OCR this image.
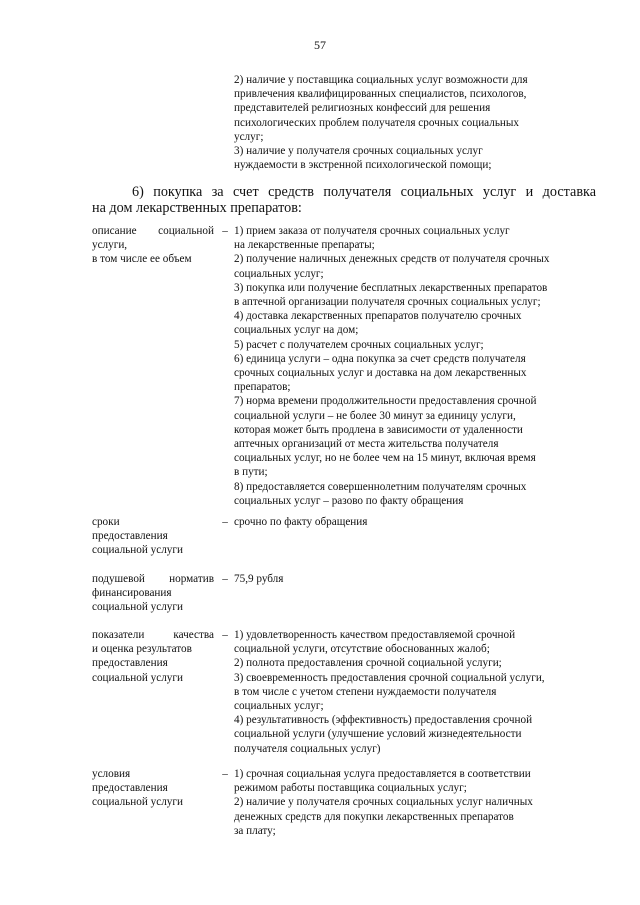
57

2) наличие у поставщика социальных услуг возможности для

привлечения квалифицированных специалистов, психологов,

представителей религиозных конфессий для решения

психологических проблем получателя срочных социальных

услуг;

3) наличие у получателя срочных социальных услуг

нуждаемости в экстренной психологической помощи;

6) покупка за счет средств получателя социальных услуг и доставка

на дом лекарственных препаратов:

описание социальной

услуги,

в том числе ее объем

– 1) прием заказа от получателя срочных социальных услуг

на лекарственные препараты;

2) получение наличных денежных средств от получателя срочных

социальных услуг;

3) покупка или получение бесплатных лекарственных препаратов

в аптечной организации получателя срочных социальных услуг;

4) доставка лекарственных препаратов получателю срочных

социальных услуг на дом;

5) расчет с получателем срочных социальных услуг;

6) единица услуги – одна покупка за счет средств получателя

срочных социальных услуг и доставка на дом лекарственных

препаратов;

7) норма времени продолжительности предоставления срочной

социальной услуги – не более 30 минут за единицу услуги,

которая может быть продлена в зависимости от удаленности

аптечных организаций от места жительства получателя

социальных услуг, но не более чем на 15 минут, включая время

в пути;

8) предоставляется совершеннолетним получателям срочных

социальных услуг – разово по факту обращения

сроки

предоставления

социальной услуги

– срочно по факту обращения

подушевой норматив

финансирования

социальной услуги

– 75,9 рубля

показатели качества

и оценка результатов

предоставления

социальной услуги

– 1) удовлетворенность качеством предоставляемой срочной

социальной услуги, отсутствие обоснованных жалоб;

2) полнота предоставления срочной социальной услуги;

3) своевременность предоставления срочной социальной услуги,

в том числе с учетом степени нуждаемости получателя

социальных услуг;

4) результативность (эффективность) предоставления срочной

социальной услуги (улучшение условий жизнедеятельности

получателя социальных услуг)

условия

предоставления

социальной услуги

– 1) срочная социальная услуга предоставляется в соответствии

режимом работы поставщика социальных услуг;

2) наличие у получателя срочных социальных услуг наличных

денежных средств для покупки лекарственных препаратов

за плату;
